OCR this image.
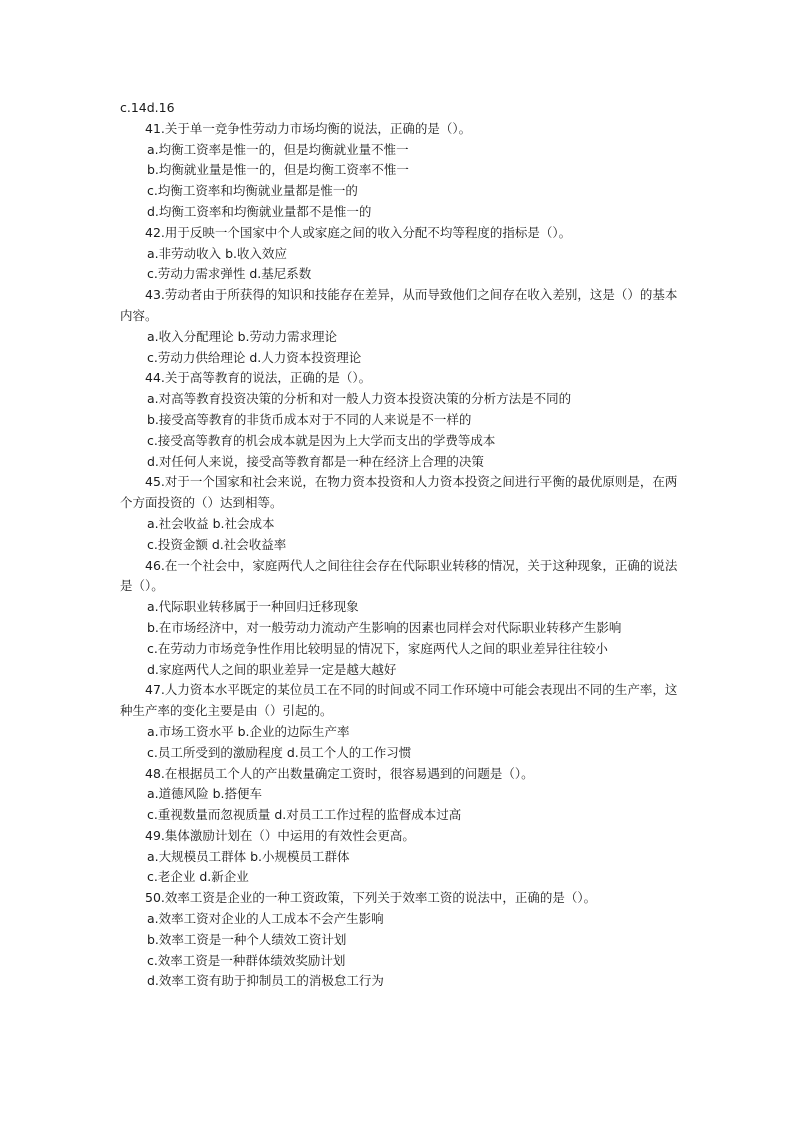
c.14d.16
41.关于单一竞争性劳动力市场均衡的说法，正确的是（）。
a.均衡工资率是惟一的，但是均衡就业量不惟一
b.均衡就业量是惟一的，但是均衡工资率不惟一
c.均衡工资率和均衡就业量都是惟一的
d.均衡工资率和均衡就业量都不是惟一的
42.用于反映一个国家中个人或家庭之间的收入分配不均等程度的指标是（）。
a.非劳动收入 b.收入效应
c.劳动力需求弹性 d.基尼系数
43.劳动者由于所获得的知识和技能存在差异，从而导致他们之间存在收入差别，这是（）的基本内容。
a.收入分配理论 b.劳动力需求理论
c.劳动力供给理论 d.人力资本投资理论
44.关于高等教育的说法，正确的是（）。
a.对高等教育投资决策的分析和对一般人力资本投资决策的分析方法是不同的
b.接受高等教育的非货币成本对于不同的人来说是不一样的
c.接受高等教育的机会成本就是因为上大学而支出的学费等成本
d.对任何人来说，接受高等教育都是一种在经济上合理的决策
45.对于一个国家和社会来说，在物力资本投资和人力资本投资之间进行平衡的最优原则是，在两个方面投资的（）达到相等。
a.社会收益 b.社会成本
c.投资金额 d.社会收益率
46.在一个社会中，家庭两代人之间往往会存在代际职业转移的情况，关于这种现象，正确的说法是（）。
a.代际职业转移属于一种回归迁移现象
b.在市场经济中，对一般劳动力流动产生影响的因素也同样会对代际职业转移产生影响
c.在劳动力市场竞争性作用比较明显的情况下，家庭两代人之间的职业差异往往较小
d.家庭两代人之间的职业差异一定是越大越好
47.人力资本水平既定的某位员工在不同的时间或不同工作环境中可能会表现出不同的生产率，这种生产率的变化主要是由（）引起的。
a.市场工资水平 b.企业的边际生产率
c.员工所受到的激励程度 d.员工个人的工作习惯
48.在根据员工个人的产出数量确定工资时，很容易遇到的问题是（）。
a.道德风险 b.搭便车
c.重视数量而忽视质量 d.对员工工作过程的监督成本过高
49.集体激励计划在（）中运用的有效性会更高。
a.大规模员工群体 b.小规模员工群体
c.老企业 d.新企业
50.效率工资是企业的一种工资政策，下列关于效率工资的说法中，正确的是（）。
a.效率工资对企业的人工成本不会产生影响
b.效率工资是一种个人绩效工资计划
c.效率工资是一种群体绩效奖励计划
d.效率工资有助于抑制员工的消极怠工行为
